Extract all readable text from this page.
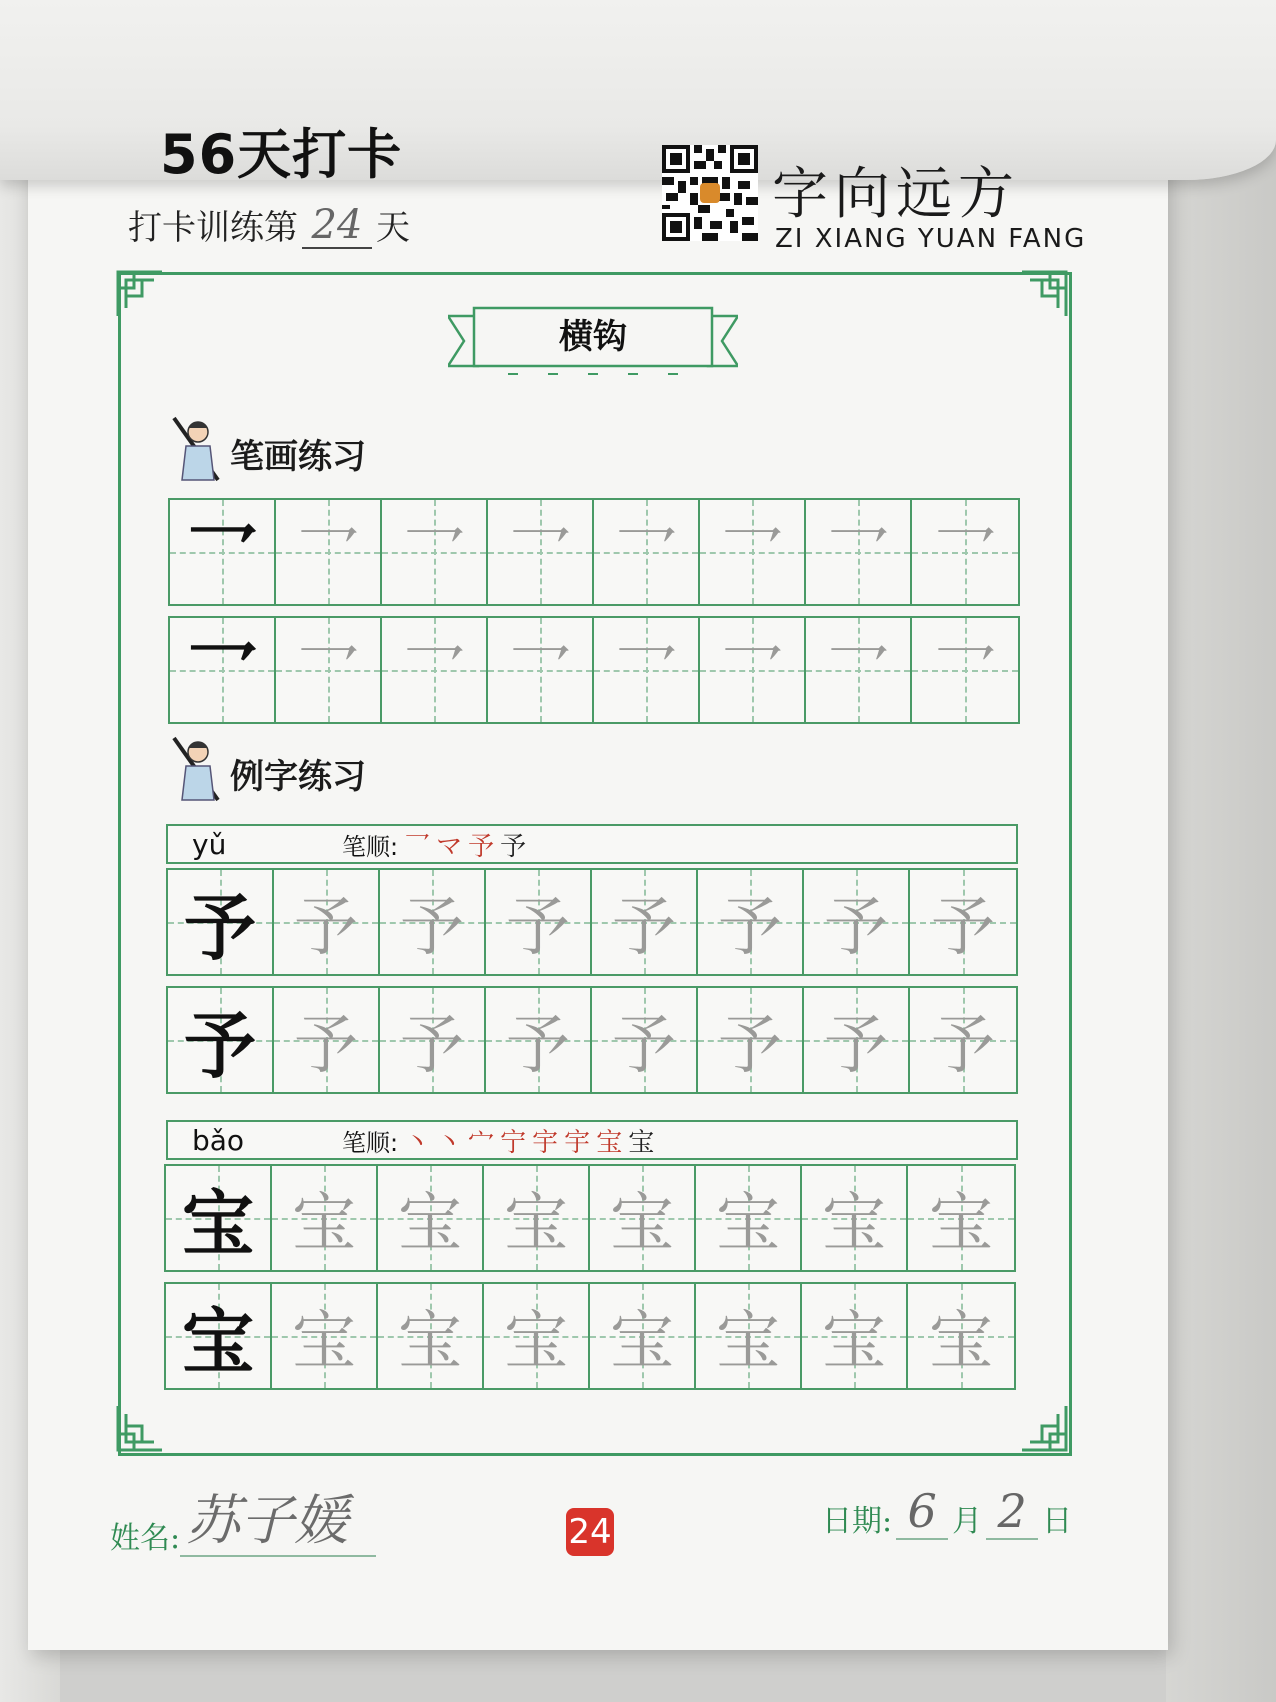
56天打卡
打卡训练第 24 天
字向远方
ZI XIANG YUAN FANG
横钩
笔画练习
乛 乛 乛 乛 乛 乛 乛 乛
乛 乛 乛 乛 乛 乛 乛 乛
例字练习
yǔ	笔顺: 乛マ予予
予 予 予 予 予 予 予 予
予 予 予 予 予 予 予 予
bǎo	笔顺: 丶丶宀宁宇宇宝宝
宝 宝 宝 宝 宝 宝 宝 宝
宝 宝 宝 宝 宝 宝 宝 宝
姓名: 苏子媛	24	日期: 6 月 2 日
